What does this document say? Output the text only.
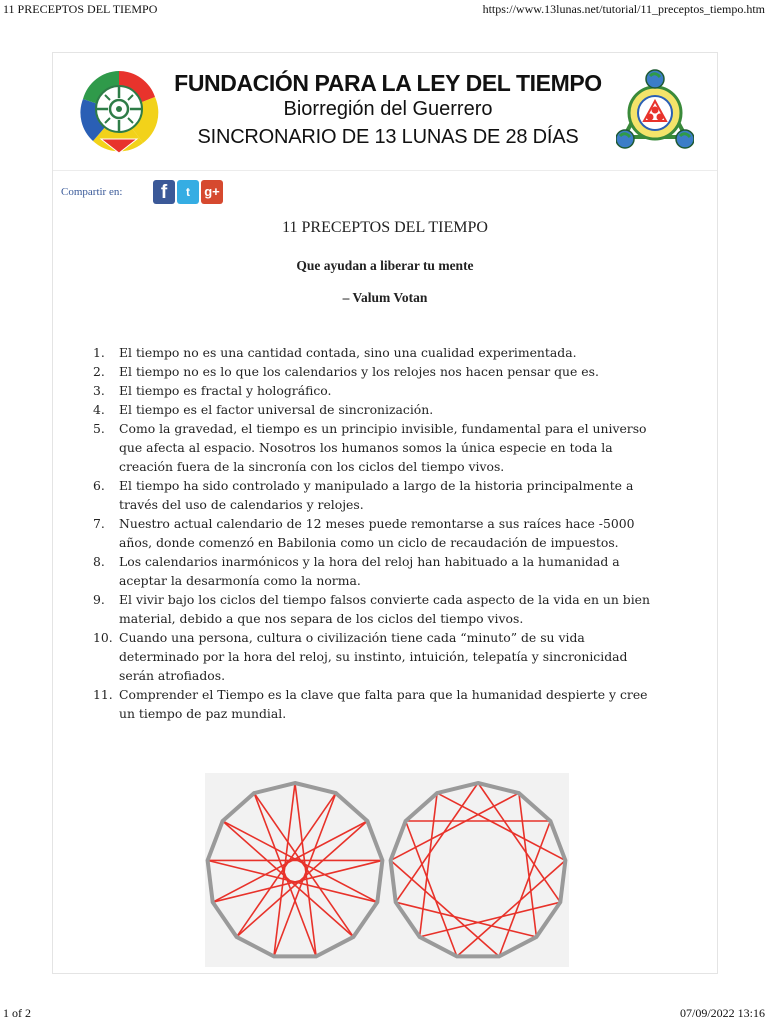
11 PRECEPTOS DEL TIEMPO	https://www.13lunas.net/tutorial/11_preceptos_tiempo.htm
FUNDACIÓN PARA LA LEY DEL TIEMPO
Biorregión del Guerrero
SINCRONARIO DE 13 LUNAS DE 28 DÍAS
Compartir en:	f	t	g+
11 PRECEPTOS DEL TIEMPO
Que ayudan a liberar tu mente
– Valum Votan
1. El tiempo no es una cantidad contada, sino una cualidad experimentada.
2. El tiempo no es lo que los calendarios y los relojes nos hacen pensar que es.
3. El tiempo es fractal y holográfico.
4. El tiempo es el factor universal de sincronización.
5. Como la gravedad, el tiempo es un principio invisible, fundamental para el universo que afecta al espacio. Nosotros los humanos somos la única especie en toda la creación fuera de la sincronía con los ciclos del tiempo vivos.
6. El tiempo ha sido controlado y manipulado a largo de la historia principalmente a través del uso de calendarios y relojes.
7. Nuestro actual calendario de 12 meses puede remontarse a sus raíces hace -5000 años, donde comenzó en Babilonia como un ciclo de recaudación de impuestos.
8. Los calendarios inarmónicos y la hora del reloj han habituado a la humanidad a aceptar la desarmonía como la norma.
9. El vivir bajo los ciclos del tiempo falsos convierte cada aspecto de la vida en un bien material, debido a que nos separa de los ciclos del tiempo vivos.
10. Cuando una persona, cultura o civilización tiene cada “minuto” de su vida determinado por la hora del reloj, su instinto, intuición, telepatía y sincronicidad serán atrofiados.
11. Comprender el Tiempo es la clave que falta para que la humanidad despierte y cree un tiempo de paz mundial.
1 of 2	07/09/2022 13:16
